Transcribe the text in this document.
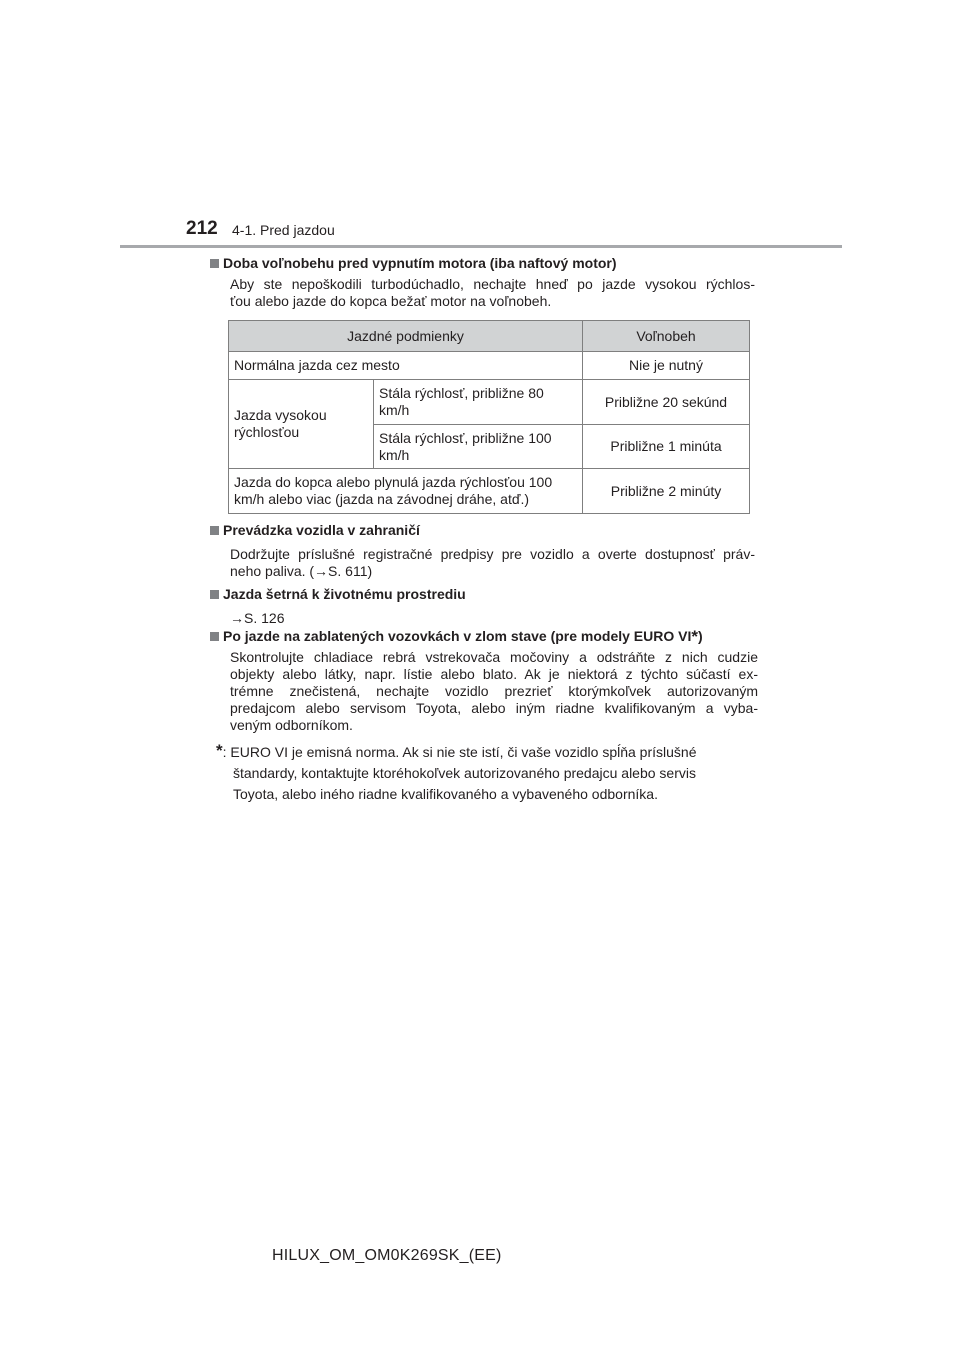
212 4-1. Pred jazdou
Doba voľnobehu pred vypnutím motora (iba naftový motor)
Aby ste nepoškodili turbodúchadlo, nechajte hneď po jazde vysokou rýchlos-
ťou alebo jazde do kopca bežať motor na voľnobeh.
Jazdné podmienky		Voľnobeh
Normálna jazda cez mesto		Nie je nutný
Jazda vysokou rýchlosťou	Stála rýchlosť, približne 80 km/h	Približne 20 sekúnd
	Stála rýchlosť, približne 100 km/h	Približne 1 minúta
Jazda do kopca alebo plynulá jazda rýchlosťou 100 km/h alebo viac (jazda na závodnej dráhe, atď.)		Približne 2 minúty
Prevádzka vozidla v zahraničí
Dodržujte príslušné registračné predpisy pre vozidlo a overte dostupnosť práv-
neho paliva. (→S. 611)
Jazda šetrná k životnému prostrediu
→S. 126
Po jazde na zablatených vozovkách v zlom stave (pre modely EURO VI*)
Skontrolujte chladiace rebrá vstrekovača močoviny a odstráňte z nich cudzie
objekty alebo látky, napr. lístie alebo blato. Ak je niektorá z týchto súčastí ex-
trémne znečistená, nechajte vozidlo prezrieť ktorýmkoľvek autorizovaným
predajcom alebo servisom Toyota, alebo iným riadne kvalifikovaným a vyba-
veným odborníkom.
*: EURO VI je emisná norma. Ak si nie ste istí, či vaše vozidlo spĺňa príslušné
štandardy, kontaktujte ktoréhokoľvek autorizovaného predajcu alebo servis
Toyota, alebo iného riadne kvalifikovaného a vybaveného odborníka.
HILUX_OM_OM0K269SK_(EE)
